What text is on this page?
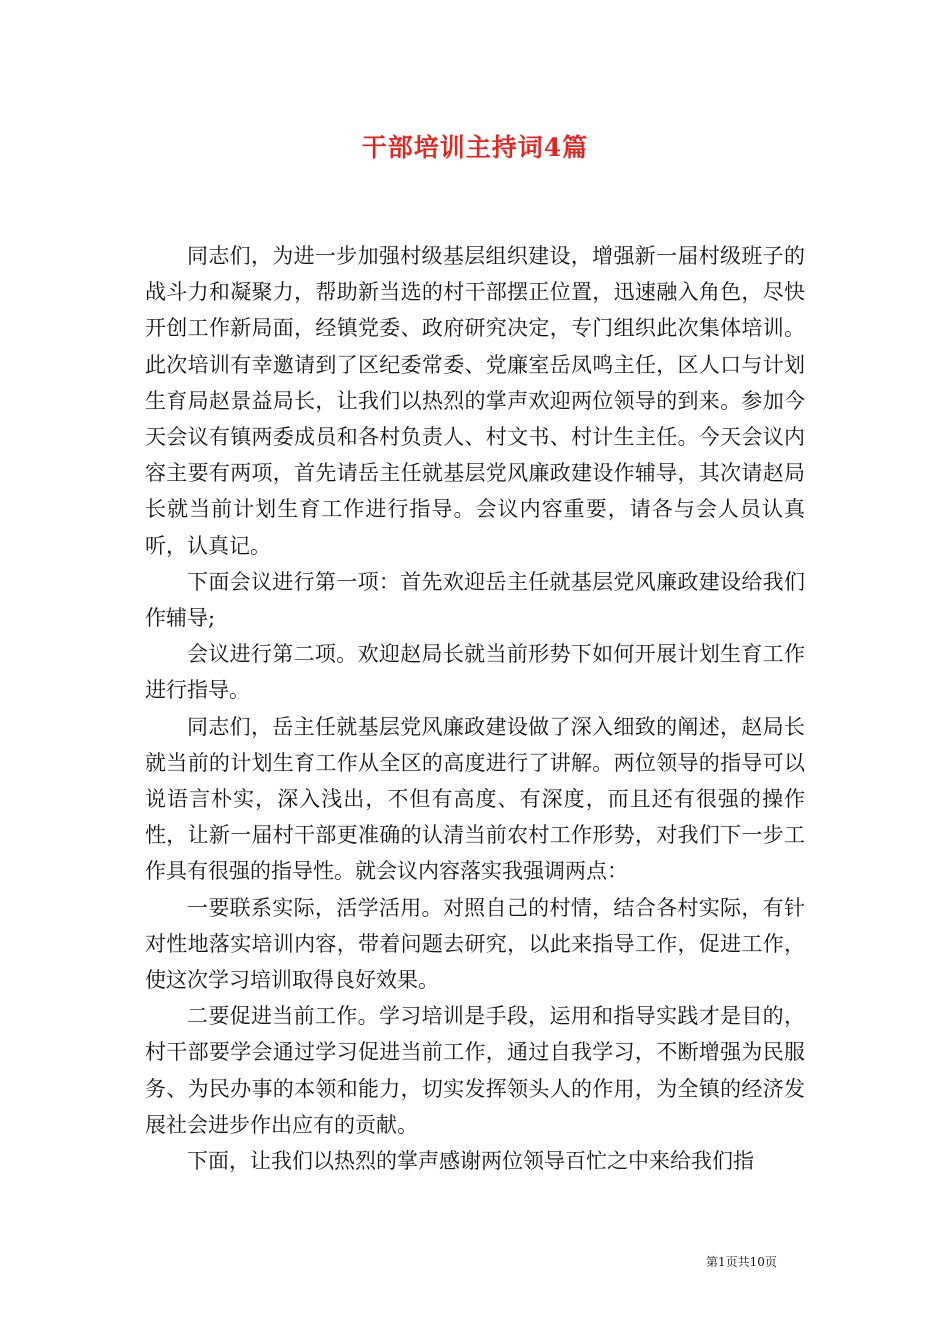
干部培训主持词4篇

同志们，为进一步加强村级基层组织建设，增强新一届村级班子的战斗力和凝聚力，帮助新当选的村干部摆正位置，迅速融入角色，尽快开创工作新局面，经镇党委、政府研究决定，专门组织此次集体培训。此次培训有幸邀请到了区纪委常委、党廉室岳凤鸣主任，区人口与计划生育局赵景益局长，让我们以热烈的掌声欢迎两位领导的到来。参加今天会议有镇两委成员和各村负责人、村文书、村计生主任。今天会议内容主要有两项，首先请岳主任就基层党风廉政建设作辅导，其次请赵局长就当前计划生育工作进行指导。会议内容重要，请各与会人员认真听，认真记。

下面会议进行第一项：首先欢迎岳主任就基层党风廉政建设给我们作辅导;

会议进行第二项。欢迎赵局长就当前形势下如何开展计划生育工作进行指导。

同志们，岳主任就基层党风廉政建设做了深入细致的阐述，赵局长就当前的计划生育工作从全区的高度进行了讲解。两位领导的指导可以说语言朴实，深入浅出，不但有高度、有深度，而且还有很强的操作性，让新一届村干部更准确的认清当前农村工作形势，对我们下一步工作具有很强的指导性。就会议内容落实我强调两点：

一要联系实际，活学活用。对照自己的村情，结合各村实际，有针对性地落实培训内容，带着问题去研究，以此来指导工作，促进工作，使这次学习培训取得良好效果。

二要促进当前工作。学习培训是手段，运用和指导实践才是目的，村干部要学会通过学习促进当前工作，通过自我学习，不断增强为民服务、为民办事的本领和能力，切实发挥领头人的作用，为全镇的经济发展社会进步作出应有的贡献。

下面，让我们以热烈的掌声感谢两位领导百忙之中来给我们指

第1页共10页
